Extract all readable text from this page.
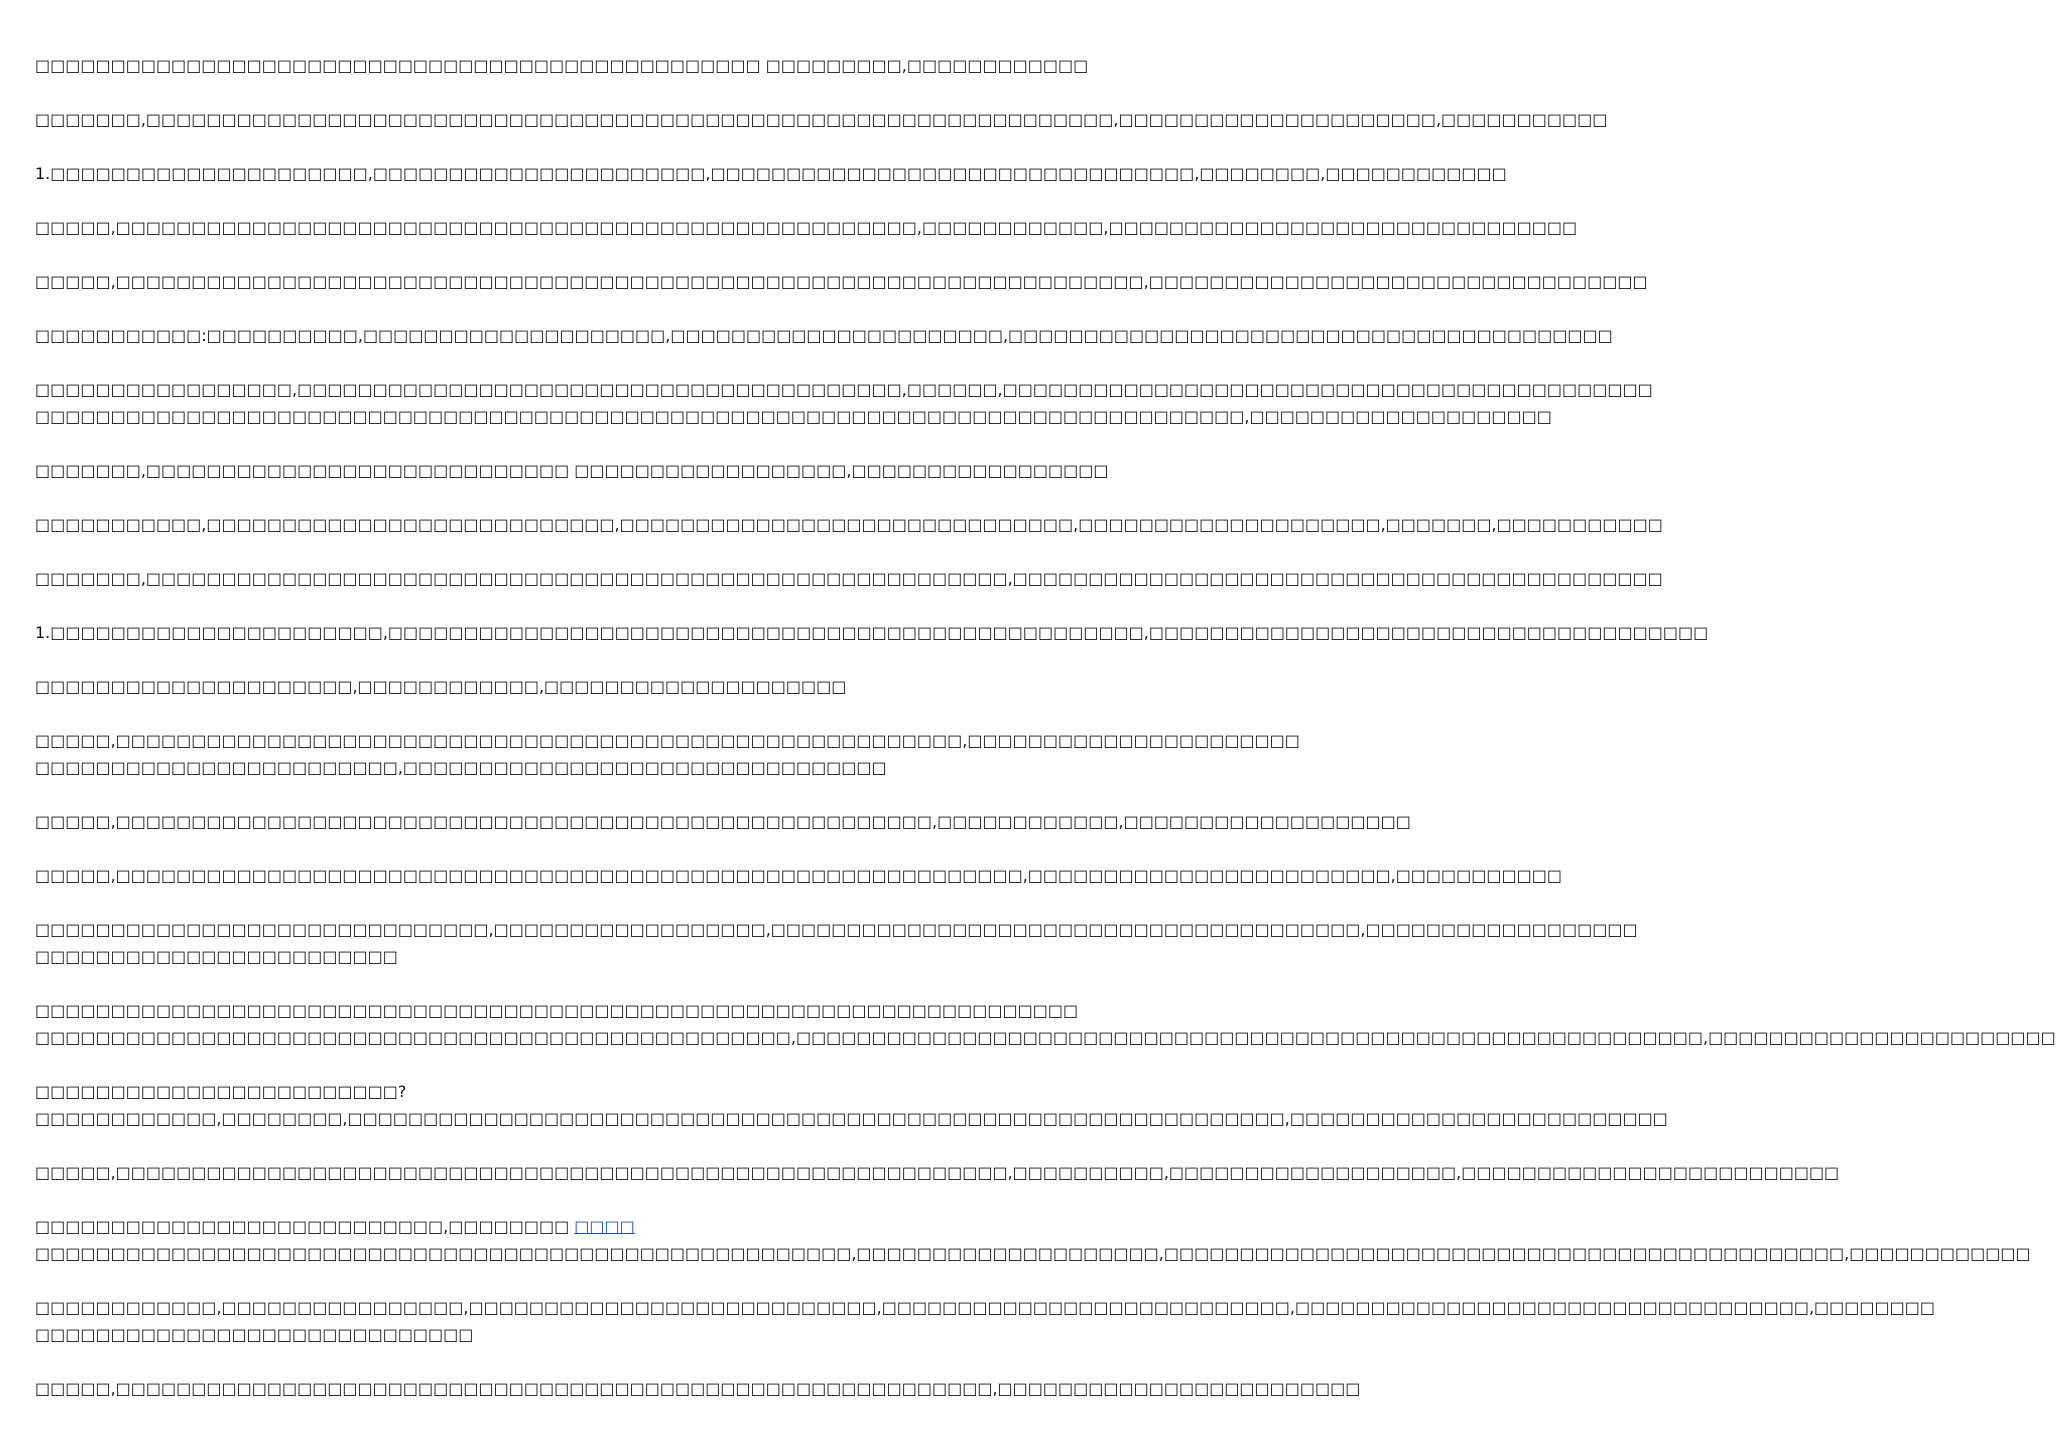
□□□□□□□□□□□□□□□□□□□□□□□□□□□□□□□□□□□□□□□□□□□□□□□□ □□□□□□□□□,□□□□□□□□□□□□

□□□□□□□,□□□□□□□□□□□□□□□□□□□□□□□□□□□□□□□□□□□□□□□□□□□□□□□□□□□□□□□□□□□□□□□□,□□□□□□□□□□□□□□□□□□□□□,□□□□□□□□□□□

1.□□□□□□□□□□□□□□□□□□□□□,□□□□□□□□□□□□□□□□□□□□□□,□□□□□□□□□□□□□□□□□□□□□□□□□□□□□□□□,□□□□□□□□,□□□□□□□□□□□□

□□□□□,□□□□□□□□□□□□□□□□□□□□□□□□□□□□□□□□□□□□□□□□□□□□□□□□□□□□□,□□□□□□□□□□□□,□□□□□□□□□□□□□□□□□□□□□□□□□□□□□□□

□□□□□,□□□□□□□□□□□□□□□□□□□□□□□□□□□□□□□□□□□□□□□□□□□□□□□□□□□□□□□□□□□□□□□□□□□□,□□□□□□□□□□□□□□□□□□□□□□□□□□□□□□□□□

□□□□□□□□□□□:□□□□□□□□□□,□□□□□□□□□□□□□□□□□□□□,□□□□□□□□□□□□□□□□□□□□□□,□□□□□□□□□□□□□□□□□□□□□□□□□□□□□□□□□□□□□□□□

□□□□□□□□□□□□□□□□□,□□□□□□□□□□□□□□□□□□□□□□□□□□□□□□□□□□□□□□□□,□□□□□□,□□□□□□□□□□□□□□□□□□□□□□□□□□□□□□□□□□□□□□□□□□□
□□□□□□□□□□□□□□□□□□□□□□□□□□□□□□□□□□□□□□□□□□□□□□□□□□□□□□□□□□□□□□□□□□□□□□□□□□□□□□□□,□□□□□□□□□□□□□□□□□□□□

□□□□□□□,□□□□□□□□□□□□□□□□□□□□□□□□□□□□ □□□□□□□□□□□□□□□□□□,□□□□□□□□□□□□□□□□□

□□□□□□□□□□□,□□□□□□□□□□□□□□□□□□□□□□□□□□□,□□□□□□□□□□□□□□□□□□□□□□□□□□□□□□,□□□□□□□□□□□□□□□□□□□□,□□□□□□□,□□□□□□□□□□□

□□□□□□□,□□□□□□□□□□□□□□□□□□□□□□□□□□□□□□□□□□□□□□□□□□□□□□□□□□□□□□□□□,□□□□□□□□□□□□□□□□□□□□□□□□□□□□□□□□□□□□□□□□□□□

1.□□□□□□□□□□□□□□□□□□□□□□,□□□□□□□□□□□□□□□□□□□□□□□□□□□□□□□□□□□□□□□□□□□□□□□□□□,□□□□□□□□□□□□□□□□□□□□□□□□□□□□□□□□□□□□□

□□□□□□□□□□□□□□□□□□□□□,□□□□□□□□□□□□,□□□□□□□□□□□□□□□□□□□□

□□□□□,□□□□□□□□□□□□□□□□□□□□□□□□□□□□□□□□□□□□□□□□□□□□□□□□□□□□□□□□,□□□□□□□□□□□□□□□□□□□□□□
□□□□□□□□□□□□□□□□□□□□□□□□,□□□□□□□□□□□□□□□□□□□□□□□□□□□□□□□□

□□□□□,□□□□□□□□□□□□□□□□□□□□□□□□□□□□□□□□□□□□□□□□□□□□□□□□□□□□□□,□□□□□□□□□□□□,□□□□□□□□□□□□□□□□□□□

□□□□□,□□□□□□□□□□□□□□□□□□□□□□□□□□□□□□□□□□□□□□□□□□□□□□□□□□□□□□□□□□□□,□□□□□□□□□□□□□□□□□□□□□□□□,□□□□□□□□□□□

□□□□□□□□□□□□□□□□□□□□□□□□□□□□□□,□□□□□□□□□□□□□□□□□□,□□□□□□□□□□□□□□□□□□□□□□□□□□□□□□□□□□□□□□□,□□□□□□□□□□□□□□□□□□
□□□□□□□□□□□□□□□□□□□□□□□□

□□□□□□□□□□□□□□□□□□□□□□□□□□□□□□□□□□□□□□□□□□□□□□□□□□□□□□□□□□□□□□□□□□□□□
□□□□□□□□□□□□□□□□□□□□□□□□□□□□□□□□□□□□□□□□□□□□□□□□□□,□□□□□□□□□□□□□□□□□□□□□□□□□□□□□□□□□□□□□□□□□□□□□□□□□□□□□□□□□□□□,□□□□□□□□□□□□□□□□□□□□□□□

□□□□□□□□□□□□□□□□□□□□□□□□?
□□□□□□□□□□□□,□□□□□□□□,□□□□□□□□□□□□□□□□□□□□□□□□□□□□□□□□□□□□□□□□□□□□□□□□□□□□□□□□□□□□□□,□□□□□□□□□□□□□□□□□□□□□□□□□

□□□□□,□□□□□□□□□□□□□□□□□□□□□□□□□□□□□□□□□□□□□□□□□□□□□□□□□□□□□□□□□□□,□□□□□□□□□□,□□□□□□□□□□□□□□□□□□□,□□□□□□□□□□□□□□□□□□□□□□□□□

□□□□□□□□□□□□□□□□□□□□□□□□□□□,□□□□□□□□ □□□□
□□□□□□□□□□□□□□□□□□□□□□□□□□□□□□□□□□□□□□□□□□□□□□□□□□□□□□,□□□□□□□□□□□□□□□□□□□□,□□□□□□□□□□□□□□□□□□□□□□□□□□□□□□□□□□□□□□□□□□□□□,□□□□□□□□□□□□

□□□□□□□□□□□□,□□□□□□□□□□□□□□□□,□□□□□□□□□□□□□□□□□□□□□□□□□□□,□□□□□□□□□□□□□□□□□□□□□□□□□□□,□□□□□□□□□□□□□□□□□□□□□□□□□□□□□□□□□□,□□□□□□□□
□□□□□□□□□□□□□□□□□□□□□□□□□□□□□

□□□□□,□□□□□□□□□□□□□□□□□□□□□□□□□□□□□□□□□□□□□□□□□□□□□□□□□□□□□□□□□□,□□□□□□□□□□□□□□□□□□□□□□□□
